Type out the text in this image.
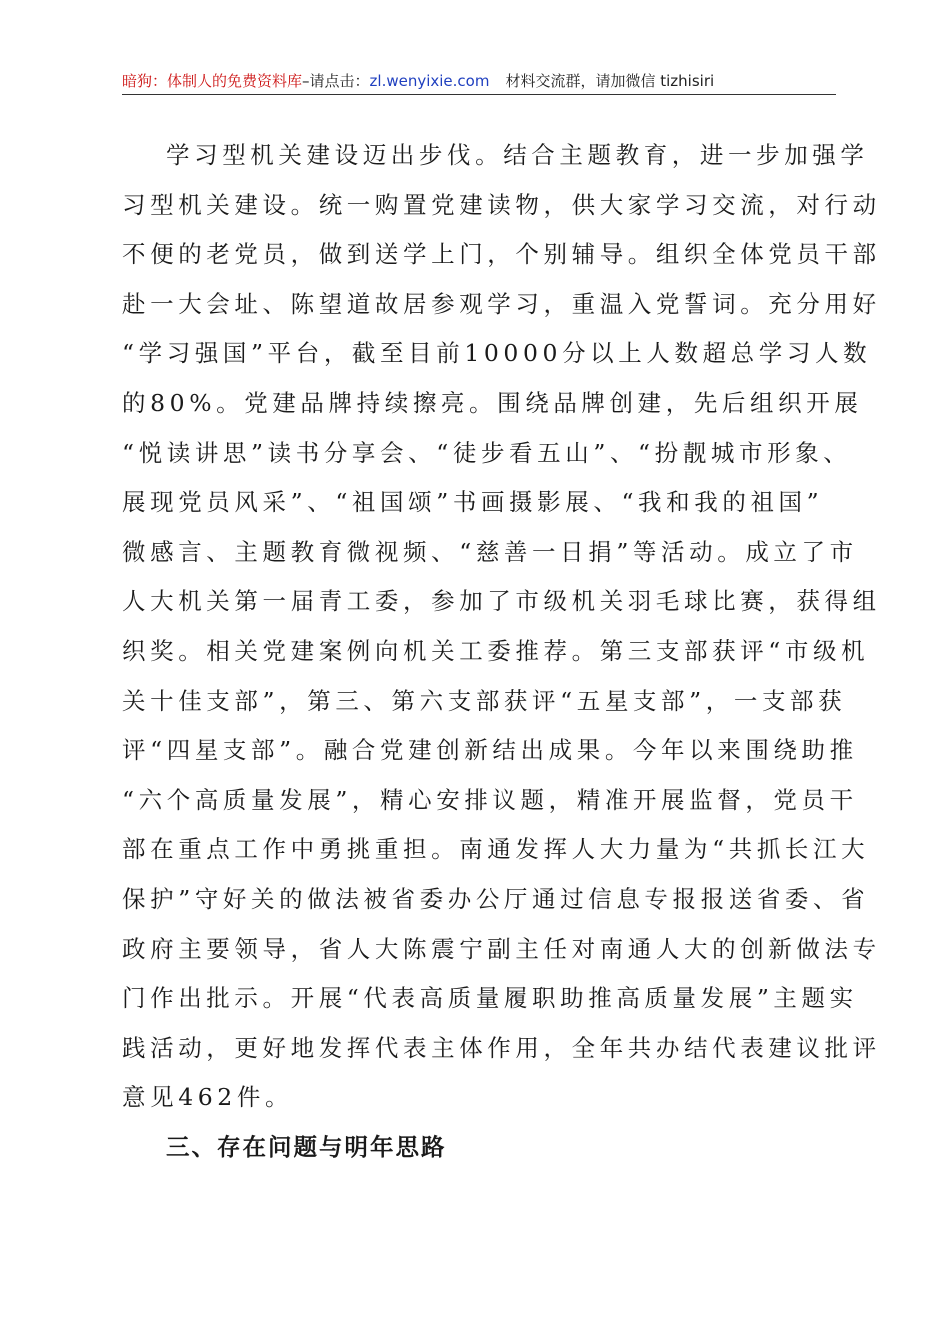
暗狗：体制人的免费资料库–请点击：zl.wenyixie.com 材料交流群，请加微信 tizhisiri
学习型机关建设迈出步伐。结合主题教育，进一步加强学
习型机关建设。统一购置党建读物，供大家学习交流，对行动
不便的老党员，做到送学上门，个别辅导。组织全体党员干部
赴一大会址、陈望道故居参观学习，重温入党誓词。充分用好
“学习强国”平台，截至目前10000分以上人数超总学习人数
的80%。党建品牌持续擦亮。围绕品牌创建，先后组织开展
“悦读讲思”读书分享会、“徒步看五山”、“扮靓城市形象、
展现党员风采”、“祖国颂”书画摄影展、“我和我的祖国”
微感言、主题教育微视频、“慈善一日捐”等活动。成立了市
人大机关第一届青工委，参加了市级机关羽毛球比赛，获得组
织奖。相关党建案例向机关工委推荐。第三支部获评“市级机
关十佳支部”，第三、第六支部获评“五星支部”，一支部获
评“四星支部”。融合党建创新结出成果。今年以来围绕助推
“六个高质量发展”，精心安排议题，精准开展监督，党员干
部在重点工作中勇挑重担。南通发挥人大力量为“共抓长江大
保护”守好关的做法被省委办公厅通过信息专报报送省委、省
政府主要领导，省人大陈震宁副主任对南通人大的创新做法专
门作出批示。开展“代表高质量履职助推高质量发展”主题实
践活动，更好地发挥代表主体作用，全年共办结代表建议批评
意见462件。
三、存在问题与明年思路
